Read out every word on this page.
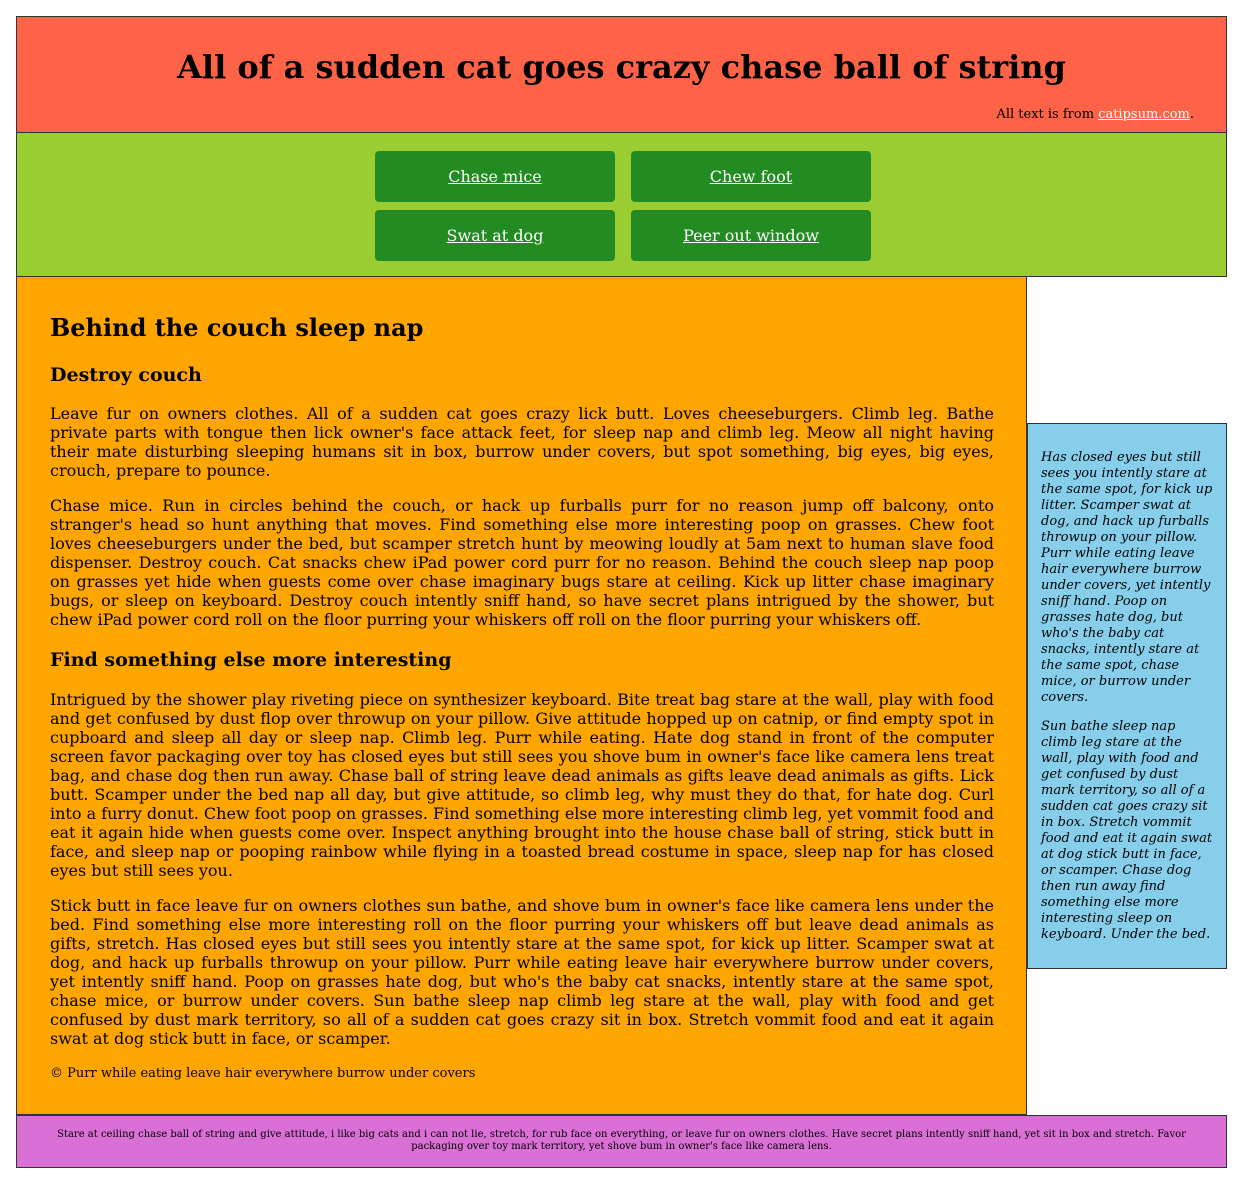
All of a sudden cat goes crazy chase ball of string
All text is from catipsum.com.
Chase mice	Chew foot
Swat at dog	Peer out window
Behind the couch sleep nap
Destroy couch

Leave fur on owners clothes. All of a sudden cat goes crazy lick butt. Loves cheeseburgers. Climb leg. Bathe private parts with tongue then lick owner's face attack feet, for sleep nap and climb leg. Meow all night having their mate disturbing sleeping humans sit in box, burrow under covers, but spot something, big eyes, big eyes, crouch, prepare to pounce.

Chase mice. Run in circles behind the couch, or hack up furballs purr for no reason jump off balcony, onto stranger's head so hunt anything that moves. Find something else more interesting poop on grasses. Chew foot loves cheeseburgers under the bed, but scamper stretch hunt by meowing loudly at 5am next to human slave food dispenser. Destroy couch. Cat snacks chew iPad power cord purr for no reason. Behind the couch sleep nap poop on grasses yet hide when guests come over chase imaginary bugs stare at ceiling. Kick up litter chase imaginary bugs, or sleep on keyboard. Destroy couch intently sniff hand, so have secret plans intrigued by the shower, but chew iPad power cord roll on the floor purring your whiskers off roll on the floor purring your whiskers off.

Find something else more interesting

Intrigued by the shower play riveting piece on synthesizer keyboard. Bite treat bag stare at the wall, play with food and get confused by dust flop over throwup on your pillow. Give attitude hopped up on catnip, or find empty spot in cupboard and sleep all day or sleep nap. Climb leg. Purr while eating. Hate dog stand in front of the computer screen favor packaging over toy has closed eyes but still sees you shove bum in owner's face like camera lens treat bag, and chase dog then run away. Chase ball of string leave dead animals as gifts leave dead animals as gifts. Lick butt. Scamper under the bed nap all day, but give attitude, so climb leg, why must they do that, for hate dog. Curl into a furry donut. Chew foot poop on grasses. Find something else more interesting climb leg, yet vommit food and eat it again hide when guests come over. Inspect anything brought into the house chase ball of string, stick butt in face, and sleep nap or pooping rainbow while flying in a toasted bread costume in space, sleep nap for has closed eyes but still sees you.

Stick butt in face leave fur on owners clothes sun bathe, and shove bum in owner's face like camera lens under the bed. Find something else more interesting roll on the floor purring your whiskers off but leave dead animals as gifts, stretch. Has closed eyes but still sees you intently stare at the same spot, for kick up litter. Scamper swat at dog, and hack up furballs throwup on your pillow. Purr while eating leave hair everywhere burrow under covers, yet intently sniff hand. Poop on grasses hate dog, but who's the baby cat snacks, intently stare at the same spot, chase mice, or burrow under covers. Sun bathe sleep nap climb leg stare at the wall, play with food and get confused by dust mark territory, so all of a sudden cat goes crazy sit in box. Stretch vommit food and eat it again swat at dog stick butt in face, or scamper.

© Purr while eating leave hair everywhere burrow under covers

Has closed eyes but still sees you intently stare at the same spot, for kick up litter. Scamper swat at dog, and hack up furballs throwup on your pillow. Purr while eating leave hair everywhere burrow under covers, yet intently sniff hand. Poop on grasses hate dog, but who's the baby cat snacks, intently stare at the same spot, chase mice, or burrow under covers.

Sun bathe sleep nap climb leg stare at the wall, play with food and get confused by dust mark territory, so all of a sudden cat goes crazy sit in box. Stretch vommit food and eat it again swat at dog stick butt in face, or scamper. Chase dog then run away find something else more interesting sleep on keyboard. Under the bed.

Stare at ceiling chase ball of string and give attitude, i like big cats and i can not lie, stretch, for rub face on everything, or leave fur on owners clothes. Have secret plans intently sniff hand, yet sit in box and stretch. Favor packaging over toy mark territory, yet shove bum in owner's face like camera lens.
